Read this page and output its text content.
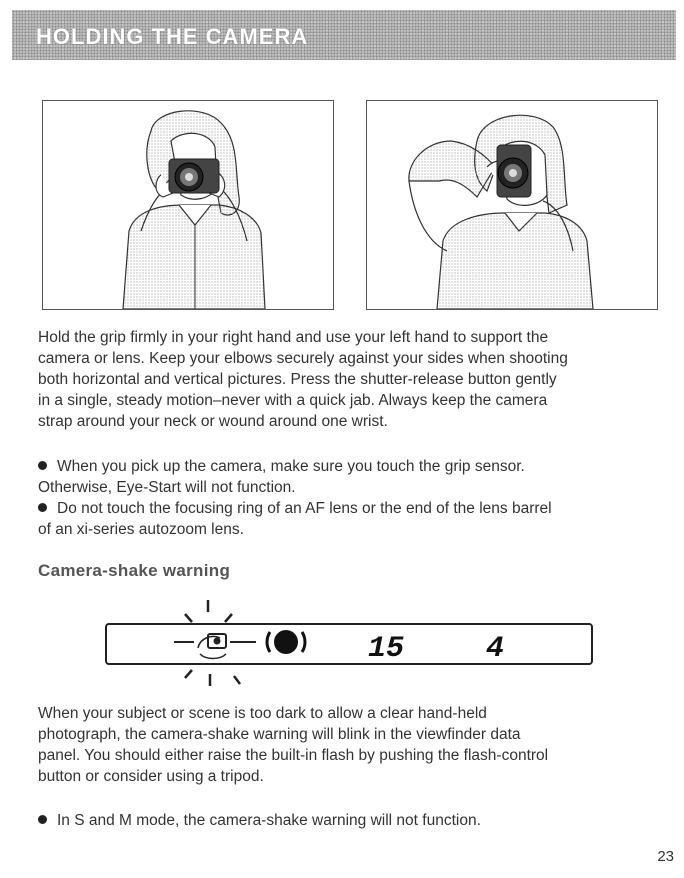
HOLDING THE CAMERA
Hold the grip firmly in your right hand and use your left hand to support the
camera or lens. Keep your elbows securely against your sides when shooting
both horizontal and vertical pictures. Press the shutter-release button gently
in a single, steady motion–never with a quick jab. Always keep the camera
strap around your neck or wound around one wrist.
When you pick up the camera, make sure you touch the grip sensor.
Otherwise, Eye-Start will not function.
Do not touch the focusing ring of an AF lens or the end of the lens barrel
of an xi-series autozoom lens.
Camera-shake warning
15	4
When your subject or scene is too dark to allow a clear hand-held
photograph, the camera-shake warning will blink in the viewfinder data
panel. You should either raise the built-in flash by pushing the flash-control
button or consider using a tripod.
In S and M mode, the camera-shake warning will not function.
23
